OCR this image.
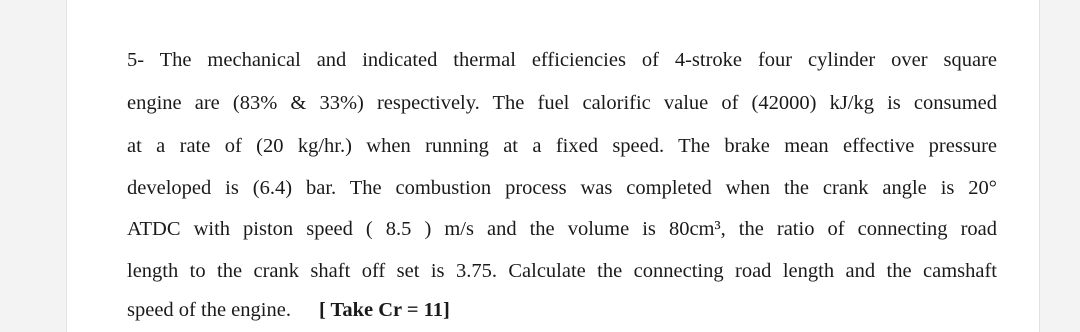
5- The mechanical and indicated thermal efficiencies of 4-stroke four cylinder over square
engine are (83% & 33%) respectively. The fuel calorific value of (42000) kJ/kg is consumed
at a rate of (20 kg/hr.) when running at a fixed speed. The brake mean effective pressure
developed is (6.4) bar. The combustion process was completed when the crank angle is 20°
ATDC with piston speed ( 8.5 ) m/s and the volume is 80cm³, the ratio of connecting road
length to the crank shaft off set is 3.75. Calculate the connecting road length and the camshaft
speed of the engine. [ Take Cr = 11]
